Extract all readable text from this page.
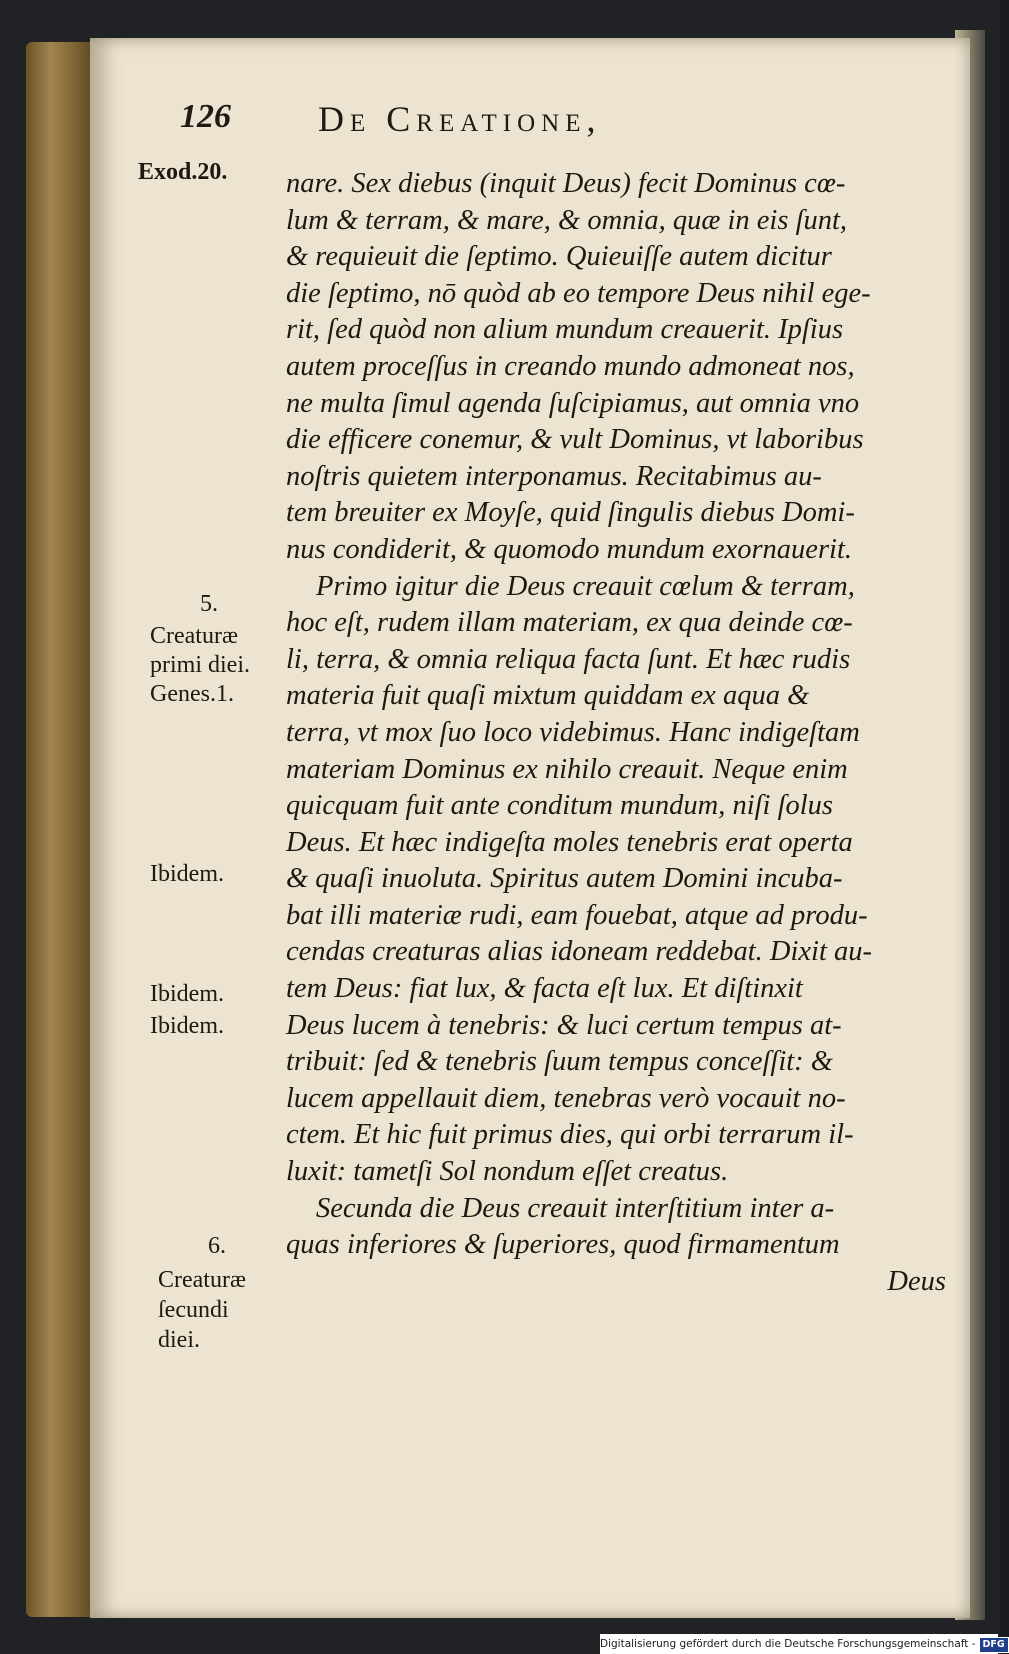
126 De Creatione,
Exod.20.
5.
Creaturæ
primi diei.
Genes.1.
Ibidem.
Ibidem.
Ibidem.
6.
Creaturæ
ſecundi
diei.
nare. Sex diebus (inquit Deus) fecit Dominus cœ-
lum & terram, & mare, & omnia, quæ in eis ſunt,
& requieuit die ſeptimo. Quieuiſſe autem dicitur
die ſeptimo, nō quòd ab eo tempore Deus nihil ege-
rit, ſed quòd non alium mundum creauerit. Ipſius
autem proceſſus in creando mundo admoneat nos,
ne multa ſimul agenda ſuſcipiamus, aut omnia vno
die efficere conemur, & vult Dominus, vt laboribus
noſtris quietem interponamus. Recitabimus au-
tem breuiter ex Moyſe, quid ſingulis diebus Domi-
nus condiderit, & quomodo mundum exornauerit.
Primo igitur die Deus creauit cœlum & terram,
hoc eſt, rudem illam materiam, ex qua deinde cœ-
li, terra, & omnia reliqua facta ſunt. Et hæc rudis
materia fuit quaſi mixtum quiddam ex aqua &
terra, vt mox ſuo loco videbimus. Hanc indigeſtam
materiam Dominus ex nihilo creauit. Neque enim
quicquam fuit ante conditum mundum, niſi ſolus
Deus. Et hæc indigeſta moles tenebris erat operta
& quaſi inuoluta. Spiritus autem Domini incuba-
bat illi materiæ rudi, eam fouebat, atque ad produ-
cendas creaturas alias idoneam reddebat. Dixit au-
tem Deus: fiat lux, & facta eſt lux. Et diſtinxit
Deus lucem à tenebris: & luci certum tempus at-
tribuit: ſed & tenebris ſuum tempus conceſſit: &
lucem appellauit diem, tenebras verò vocauit no-
ctem. Et hic fuit primus dies, qui orbi terrarum il-
luxit: tametſi Sol nondum eſſet creatus.
Secunda die Deus creauit interſtitium inter a-
quas inferiores & ſuperiores, quod firmamentum
Deus
Digitalisierung gefördert durch die Deutsche Forschungsgemeinschaft - DFG
